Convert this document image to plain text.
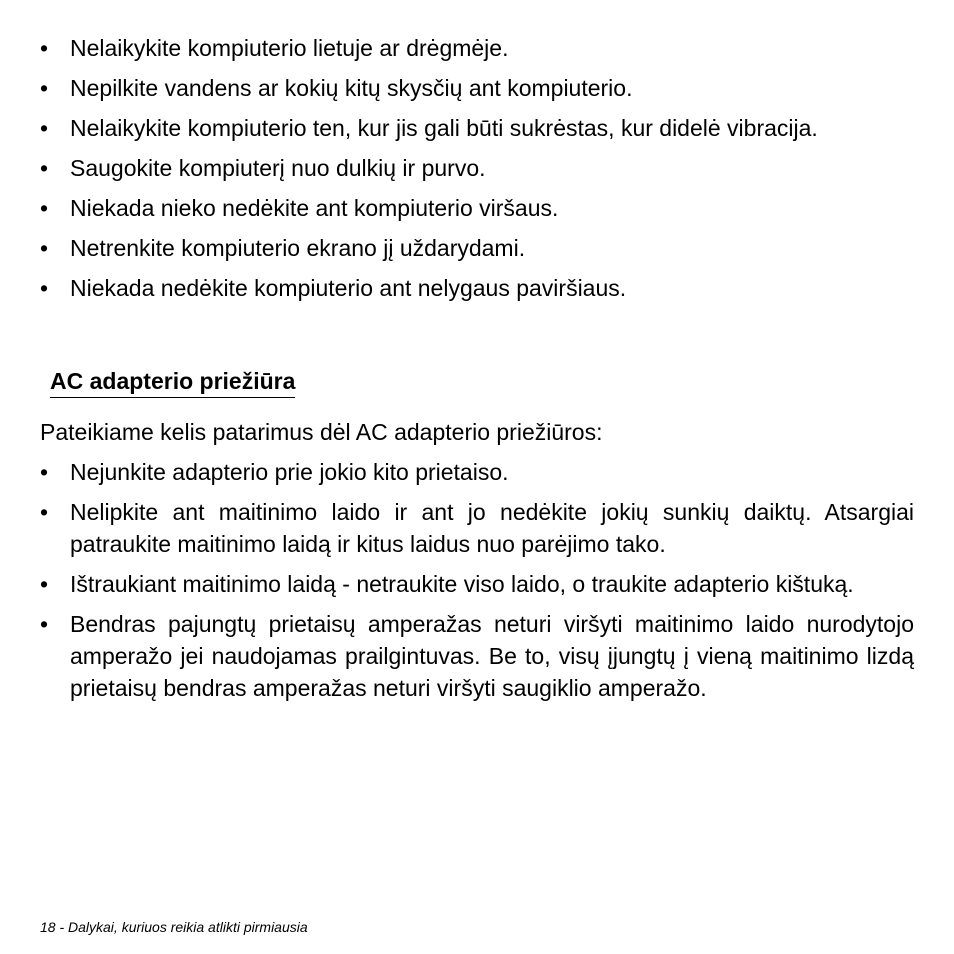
• Nelaikykite kompiuterio lietuje ar drėgmėje.
• Nepilkite vandens ar kokių kitų skysčių ant kompiuterio.
• Nelaikykite kompiuterio ten, kur jis gali būti sukrėstas, kur didelė vibracija.
• Saugokite kompiuterį nuo dulkių ir purvo.
• Niekada nieko nedėkite ant kompiuterio viršaus.
• Netrenkite kompiuterio ekrano jį uždarydami.
• Niekada nedėkite kompiuterio ant nelygaus paviršiaus.
AC adapterio priežiūra

Pateikiame kelis patarimus dėl AC adapterio priežiūros:

• Nejunkite adapterio prie jokio kito prietaiso.
• Nelipkite ant maitinimo laido ir ant jo nedėkite jokių sunkių daiktų. Atsargiai patraukite maitinimo laidą ir kitus laidus nuo parėjimo tako.
• Ištraukiant maitinimo laidą - netraukite viso laido, o traukite adapterio kištuką.
• Bendras pajungtų prietaisų amperažas neturi viršyti maitinimo laido nurodytojo amperažo jei naudojamas prailgintuvas. Be to, visų įjungtų į vieną maitinimo lizdą prietaisų bendras amperažas neturi viršyti saugiklio amperažo.
18 - Dalykai, kuriuos reikia atlikti pirmiausia
